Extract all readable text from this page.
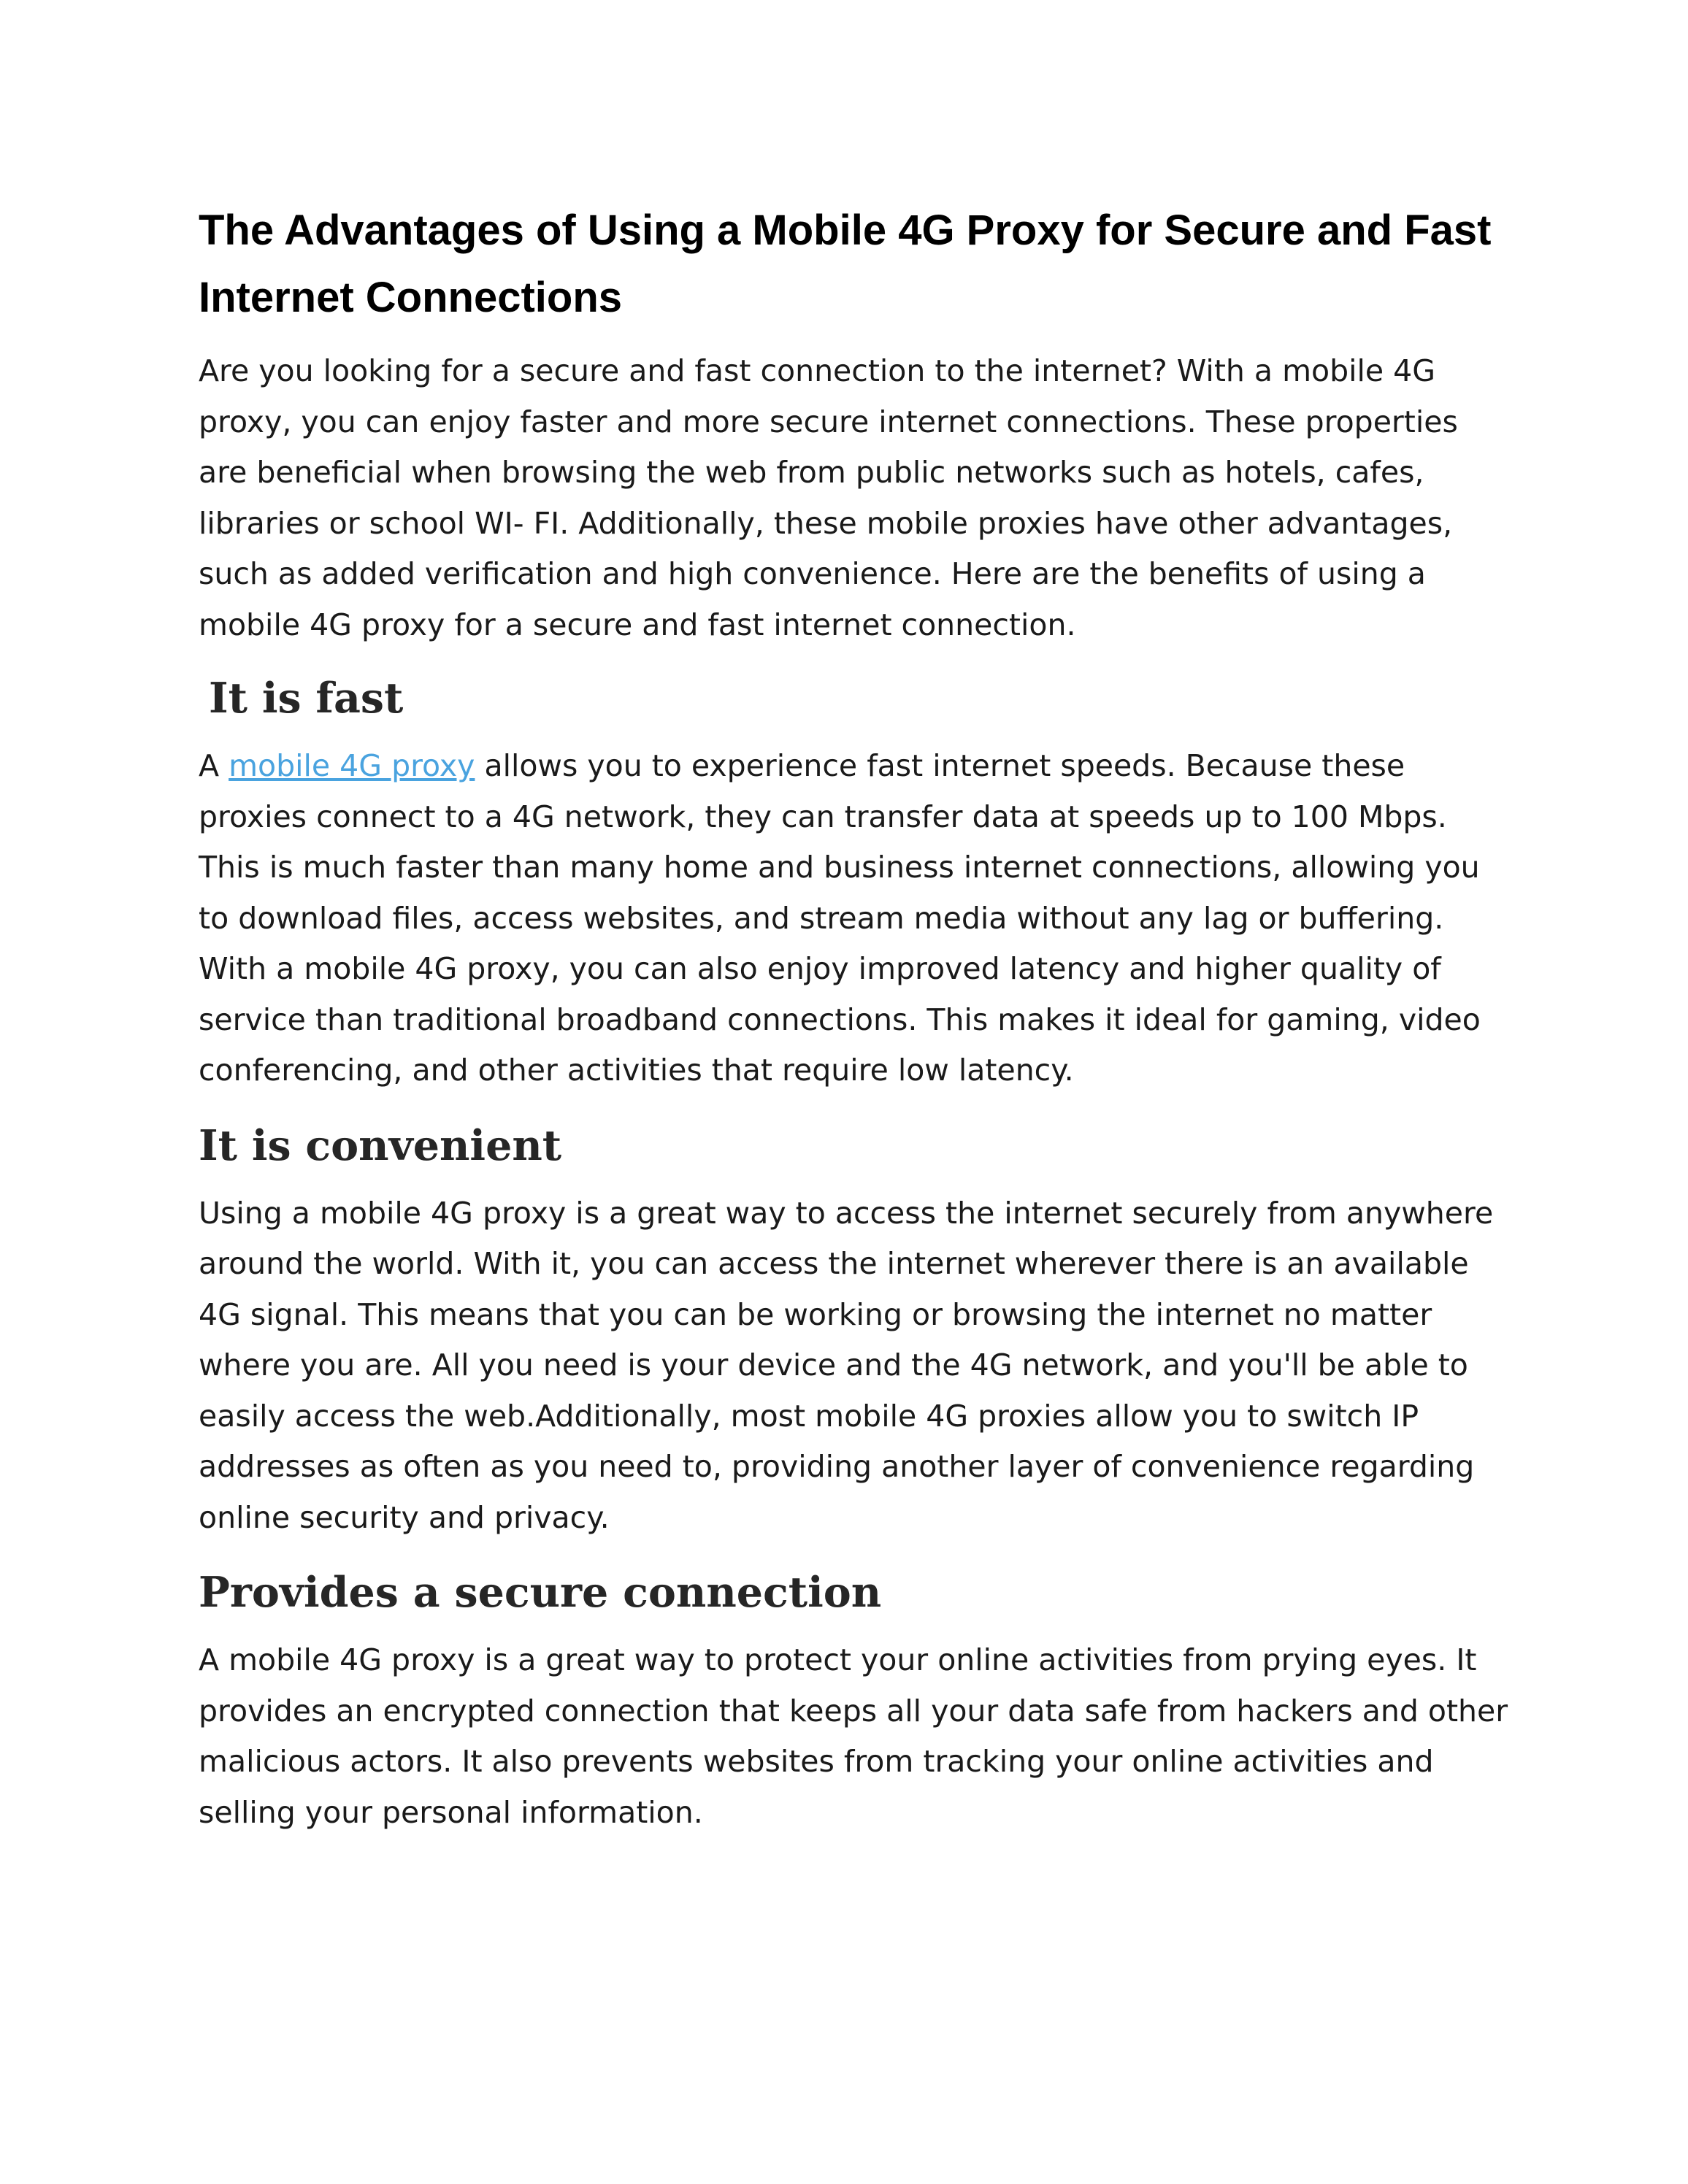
The Advantages of Using a Mobile 4G Proxy for Secure and Fast Internet Connections

Are you looking for a secure and fast connection to the internet? With a mobile 4G proxy, you can enjoy faster and more secure internet connections. These properties are beneficial when browsing the web from public networks such as hotels, cafes, libraries or school WI- FI. Additionally, these mobile proxies have other advantages, such as added verification and high convenience. Here are the benefits of using a mobile 4G proxy for a secure and fast internet connection.

It is fast

A mobile 4G proxy allows you to experience fast internet speeds. Because these proxies connect to a 4G network, they can transfer data at speeds up to 100 Mbps. This is much faster than many home and business internet connections, allowing you to download files, access websites, and stream media without any lag or buffering. With a mobile 4G proxy, you can also enjoy improved latency and higher quality of service than traditional broadband connections. This makes it ideal for gaming, video conferencing, and other activities that require low latency.

It is convenient

Using a mobile 4G proxy is a great way to access the internet securely from anywhere around the world. With it, you can access the internet wherever there is an available 4G signal. This means that you can be working or browsing the internet no matter where you are. All you need is your device and the 4G network, and you'll be able to easily access the web.Additionally, most mobile 4G proxies allow you to switch IP addresses as often as you need to, providing another layer of convenience regarding online security and privacy.

Provides a secure connection

A mobile 4G proxy is a great way to protect your online activities from prying eyes. It provides an encrypted connection that keeps all your data safe from hackers and other malicious actors. It also prevents websites from tracking your online activities and selling your personal information.
